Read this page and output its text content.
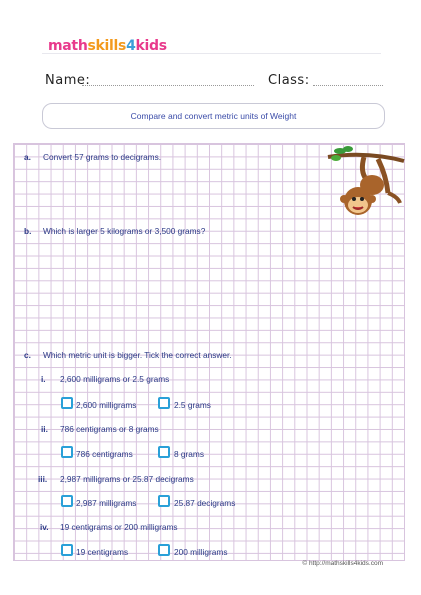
mathskills4kids
Name:	Class:
Compare and convert metric units of Weight
a. Convert 57 grams to decigrams.
b. Which is larger 5 kilograms or 3,500 grams?
c. Which metric unit is bigger. Tick the correct answer.
i. 2,600 milligrams or 2.5 grams
2,600 milligrams	2.5 grams
ii. 786 centigrams or 8 grams
786 centigrams	8 grams
iii. 2,987 milligrams or 25.87 decigrams
2,987 milligrams	25.87 decigrams
iv. 19 centigrams or 200 milligrams
19 centigrams	200 milligrams
© http://mathskills4kids.com
